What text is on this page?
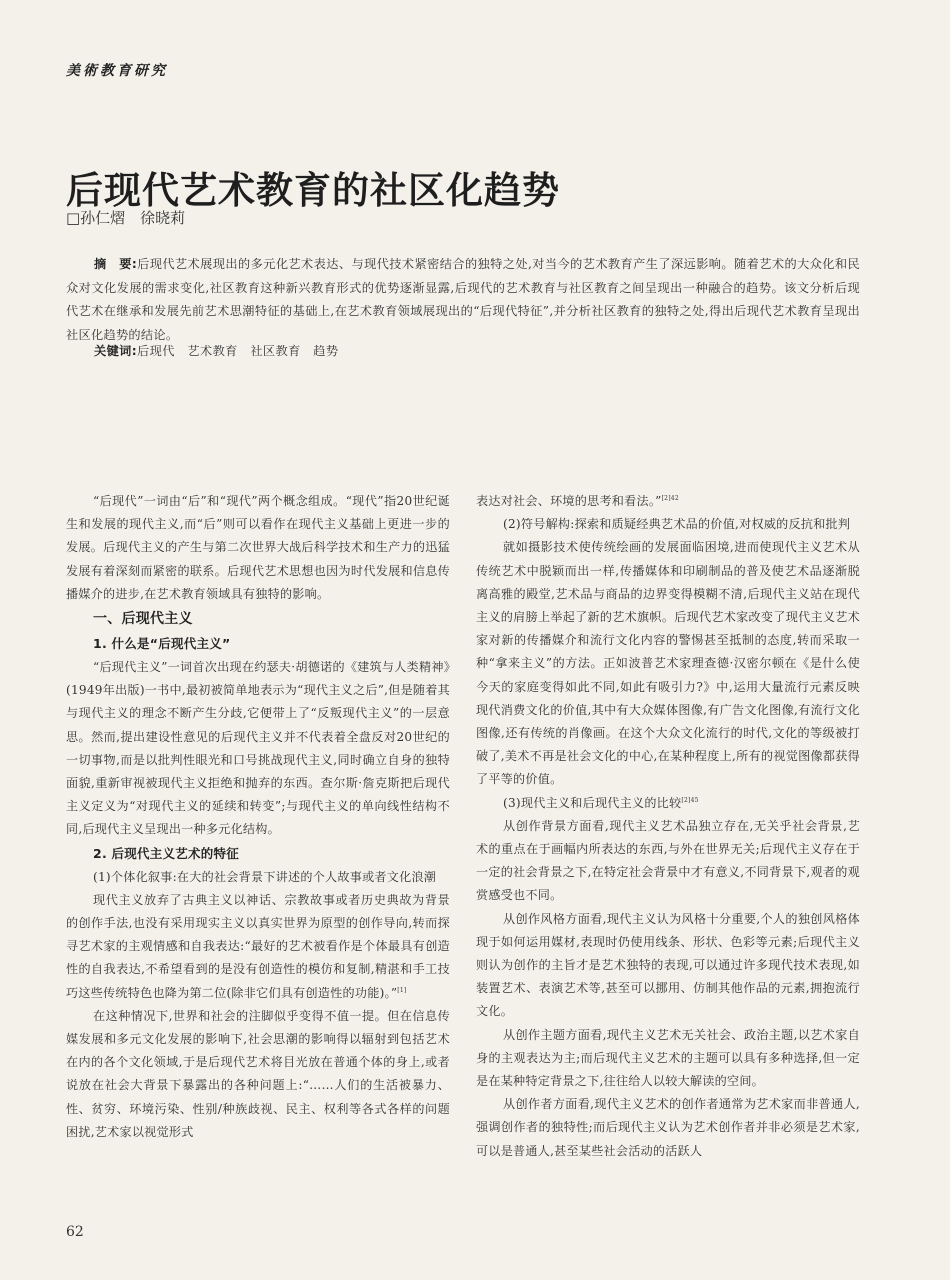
美術教育研究
后现代艺术教育的社区化趋势
□孙仁熠　徐晓莉
摘　要:后现代艺术展现出的多元化艺术表达、与现代技术紧密结合的独特之处,对当今的艺术教育产生了深远影响。随着艺术的大众化和民众对文化发展的需求变化,社区教育这种新兴教育形式的优势逐渐显露,后现代的艺术教育与社区教育之间呈现出一种融合的趋势。该文分析后现代艺术在继承和发展先前艺术思潮特征的基础上,在艺术教育领域展现出的“后现代特征”,并分析社区教育的独特之处,得出后现代艺术教育呈现出社区化趋势的结论。
关键词:后现代　艺术教育　社区教育　趋势

“后现代”一词由“后”和“现代”两个概念组成。“现代”指20世纪诞生和发展的现代主义,而“后”则可以看作在现代主义基础上更进一步的发展。后现代主义的产生与第二次世界大战后科学技术和生产力的迅猛发展有着深刻而紧密的联系。后现代艺术思想也因为时代发展和信息传播媒介的进步,在艺术教育领域具有独特的影响。

一、后现代主义
1. 什么是“后现代主义”

“后现代主义”一词首次出现在约瑟夫·胡德诺的《建筑与人类精神》(1949年出版)一书中,最初被简单地表示为“现代主义之后”,但是随着其与现代主义的理念不断产生分歧,它便带上了“反叛现代主义”的一层意思。然而,提出建设性意见的后现代主义并不代表着全盘反对20世纪的一切事物,而是以批判性眼光和口号挑战现代主义,同时确立自身的独特面貌,重新审视被现代主义拒绝和抛弃的东西。查尔斯·詹克斯把后现代主义定义为“对现代主义的延续和转变”;与现代主义的单向线性结构不同,后现代主义呈现出一种多元化结构。

2. 后现代主义艺术的特征

(1)个体化叙事:在大的社会背景下讲述的个人故事或者文化浪潮

现代主义放弃了古典主义以神话、宗教故事或者历史典故为背景的创作手法,也没有采用现实主义以真实世界为原型的创作导向,转而探寻艺术家的主观情感和自我表达:“最好的艺术被看作是个体最具有创造性的自我表达,不希望看到的是没有创造性的模仿和复制,精湛和手工技巧这些传统特色也降为第二位(除非它们具有创造性的功能)。”[1]

在这种情况下,世界和社会的注脚似乎变得不值一提。但在信息传媒发展和多元文化发展的影响下,社会思潮的影响得以辐射到包括艺术在内的各个文化领域,于是后现代艺术将目光放在普通个体的身上,或者说放在社会大背景下暴露出的各种问题上:“……人们的生活被暴力、性、贫穷、环境污染、性别/种族歧视、民主、权利等各式各样的问题困扰,艺术家以视觉形式

表达对社会、环境的思考和看法。”$^{[2]42}$

(2)符号解构:探索和质疑经典艺术品的价值,对权威的反抗和批判

就如摄影技术使传统绘画的发展面临困境,进而使现代主义艺术从传统艺术中脱颖而出一样,传播媒体和印刷制品的普及使艺术品逐渐脱离高雅的殿堂,艺术品与商品的边界变得模糊不清,后现代主义站在现代主义的肩膀上举起了新的艺术旗帜。后现代艺术家改变了现代主义艺术家对新的传播媒介和流行文化内容的警惕甚至抵制的态度,转而采取一种“拿来主义”的方法。正如波普艺术家理查德·汉密尔顿在《是什么使今天的家庭变得如此不同,如此有吸引力?》中,运用大量流行元素反映现代消费文化的价值,其中有大众媒体图像,有广告文化图像,有流行文化图像,还有传统的肖像画。在这个大众文化流行的时代,文化的等级被打破了,美术不再是社会文化的中心,在某种程度上,所有的视觉图像都获得了平等的价值。

(3)现代主义和后现代主义的比较$^{[2]45}$

从创作背景方面看,现代主义艺术品独立存在,无关乎社会背景,艺术的重点在于画幅内所表达的东西,与外在世界无关;后现代主义存在于一定的社会背景之下,在特定社会背景中才有意义,不同背景下,观者的观赏感受也不同。

从创作风格方面看,现代主义认为风格十分重要,个人的独创风格体现于如何运用媒材,表现时仍使用线条、形状、色彩等元素;后现代主义则认为创作的主旨才是艺术独特的表现,可以通过许多现代技术表现,如装置艺术、表演艺术等,甚至可以挪用、仿制其他作品的元素,拥抱流行文化。

从创作主题方面看,现代主义艺术无关社会、政治主题,以艺术家自身的主观表达为主;而后现代主义艺术的主题可以具有多种选择,但一定是在某种特定背景之下,往往给人以较大解读的空间。

从创作者方面看,现代主义艺术的创作者通常为艺术家而非普通人,强调创作者的独特性;而后现代主义认为艺术创作者并非必须是艺术家,可以是普通人,甚至某些社会活动的活跃人

62
